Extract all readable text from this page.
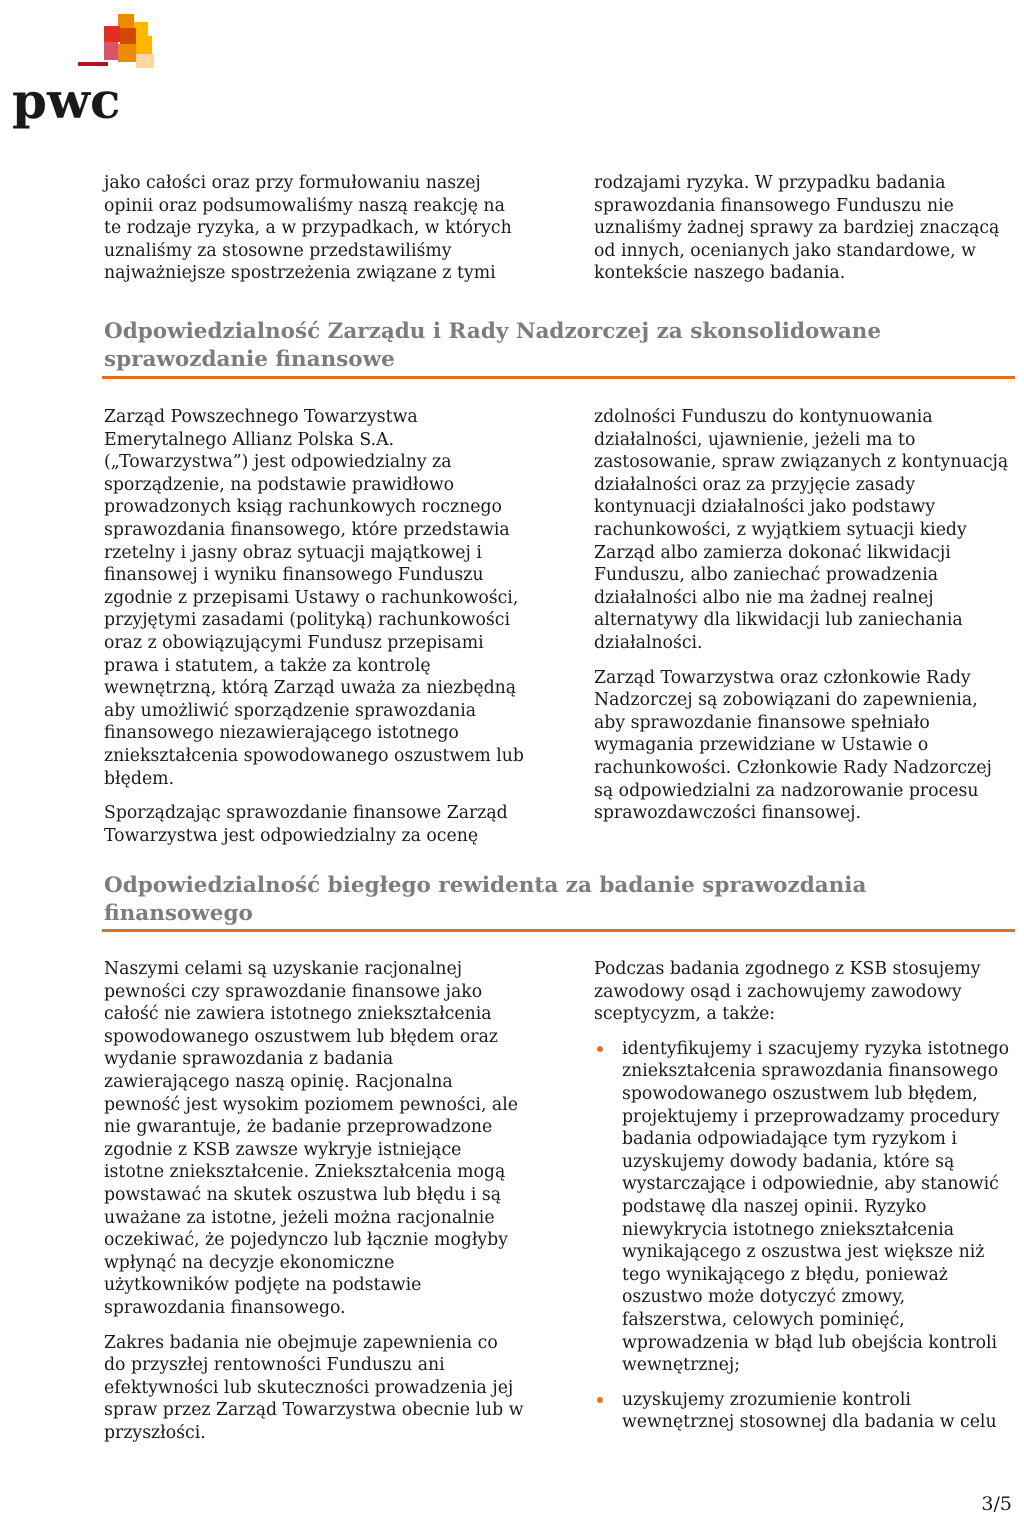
pwc

jako całości oraz przy formułowaniu naszej opinii oraz podsumowaliśmy naszą reakcję na te rodzaje ryzyka, a w przypadkach, w których uznaliśmy za stosowne przedstawiliśmy najważniejsze spostrzeżenia związane z tymi

rodzajami ryzyka. W przypadku badania sprawozdania finansowego Funduszu nie uznaliśmy żadnej sprawy za bardziej znaczącą od innych, ocenianych jako standardowe, w kontekście naszego badania.

Odpowiedzialność Zarządu i Rady Nadzorczej za skonsolidowane sprawozdanie finansowe

Zarząd Powszechnego Towarzystwa Emerytalnego Allianz Polska S.A. („Towarzystwa”) jest odpowiedzialny za sporządzenie, na podstawie prawidłowo prowadzonych ksiąg rachunkowych rocznego sprawozdania finansowego, które przedstawia rzetelny i jasny obraz sytuacji majątkowej i finansowej i wyniku finansowego Funduszu zgodnie z przepisami Ustawy o rachunkowości, przyjętymi zasadami (polityką) rachunkowości oraz z obowiązującymi Fundusz przepisami prawa i statutem, a także za kontrolę wewnętrzną, którą Zarząd uważa za niezbędną aby umożliwić sporządzenie sprawozdania finansowego niezawierającego istotnego zniekształcenia spowodowanego oszustwem lub błędem.

Sporządzając sprawozdanie finansowe Zarząd Towarzystwa jest odpowiedzialny za ocenę

zdolności Funduszu do kontynuowania działalności, ujawnienie, jeżeli ma to zastosowanie, spraw związanych z kontynuacją działalności oraz za przyjęcie zasady kontynuacji działalności jako podstawy rachunkowości, z wyjątkiem sytuacji kiedy Zarząd albo zamierza dokonać likwidacji Funduszu, albo zaniechać prowadzenia działalności albo nie ma żadnej realnej alternatywy dla likwidacji lub zaniechania działalności.

Zarząd Towarzystwa oraz członkowie Rady Nadzorczej są zobowiązani do zapewnienia, aby sprawozdanie finansowe spełniało wymagania przewidziane w Ustawie o rachunkowości. Członkowie Rady Nadzorczej są odpowiedzialni za nadzorowanie procesu sprawozdawczości finansowej.

Odpowiedzialność biegłego rewidenta za badanie sprawozdania finansowego

Naszymi celami są uzyskanie racjonalnej pewności czy sprawozdanie finansowe jako całość nie zawiera istotnego zniekształcenia spowodowanego oszustwem lub błędem oraz wydanie sprawozdania z badania zawierającego naszą opinię. Racjonalna pewność jest wysokim poziomem pewności, ale nie gwarantuje, że badanie przeprowadzone zgodnie z KSB zawsze wykryje istniejące istotne zniekształcenie. Zniekształcenia mogą powstawać na skutek oszustwa lub błędu i są uważane za istotne, jeżeli można racjonalnie oczekiwać, że pojedynczo lub łącznie mogłyby wpłynąć na decyzje ekonomiczne użytkowników podjęte na podstawie sprawozdania finansowego.

Zakres badania nie obejmuje zapewnienia co do przyszłej rentowności Funduszu ani efektywności lub skuteczności prowadzenia jej spraw przez Zarząd Towarzystwa obecnie lub w przyszłości.

Podczas badania zgodnego z KSB stosujemy zawodowy osąd i zachowujemy zawodowy sceptycyzm, a także:

identyfikujemy i szacujemy ryzyka istotnego zniekształcenia sprawozdania finansowego spowodowanego oszustwem lub błędem, projektujemy i przeprowadzamy procedury badania odpowiadające tym ryzykom i uzyskujemy dowody badania, które są wystarczające i odpowiednie, aby stanowić podstawę dla naszej opinii. Ryzyko niewykrycia istotnego zniekształcenia wynikającego z oszustwa jest większe niż tego wynikającego z błędu, ponieważ oszustwo może dotyczyć zmowy, fałszerstwa, celowych pominięć, wprowadzenia w błąd lub obejścia kontroli wewnętrznej;
uzyskujemy zrozumienie kontroli wewnętrznej stosownej dla badania w celu
3/5
